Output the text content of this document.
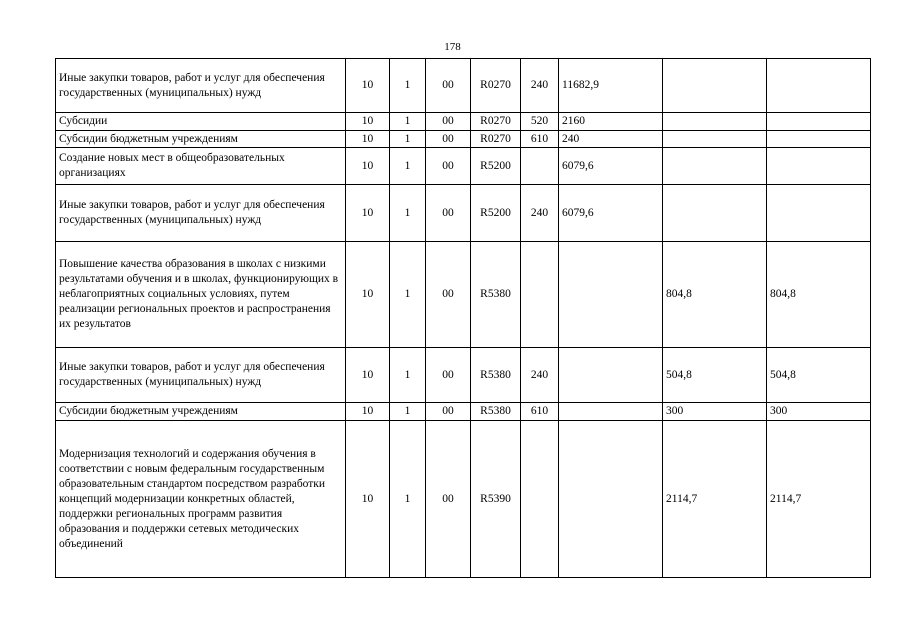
178
Иные закупки товаров, работ и услуг для обеспечения государственных (муниципальных) нужд	10	1	00	R0270	240	11682,9		
Субсидии	10	1	00	R0270	520	2160		
Субсидии бюджетным учреждениям	10	1	00	R0270	610	240		
Создание новых мест в общеобразовательных организациях	10	1	00	R5200		6079,6		
Иные закупки товаров, работ и услуг для обеспечения государственных (муниципальных) нужд	10	1	00	R5200	240	6079,6		
Повышение качества образования в школах с низкими результатами обучения и в школах, функционирующих в неблагоприятных социальных условиях, путем реализации региональных проектов и распространения их результатов	10	1	00	R5380			804,8	804,8
Иные закупки товаров, работ и услуг для обеспечения государственных (муниципальных) нужд	10	1	00	R5380	240		504,8	504,8
Субсидии бюджетным учреждениям	10	1	00	R5380	610		300	300
Модернизация технологий и содержания обучения в соответствии с новым федеральным государственным образовательным стандартом посредством разработки концепций модернизации конкретных областей, поддержки региональных программ развития образования и поддержки сетевых методических объединений	10	1	00	R5390			2114,7	2114,7
